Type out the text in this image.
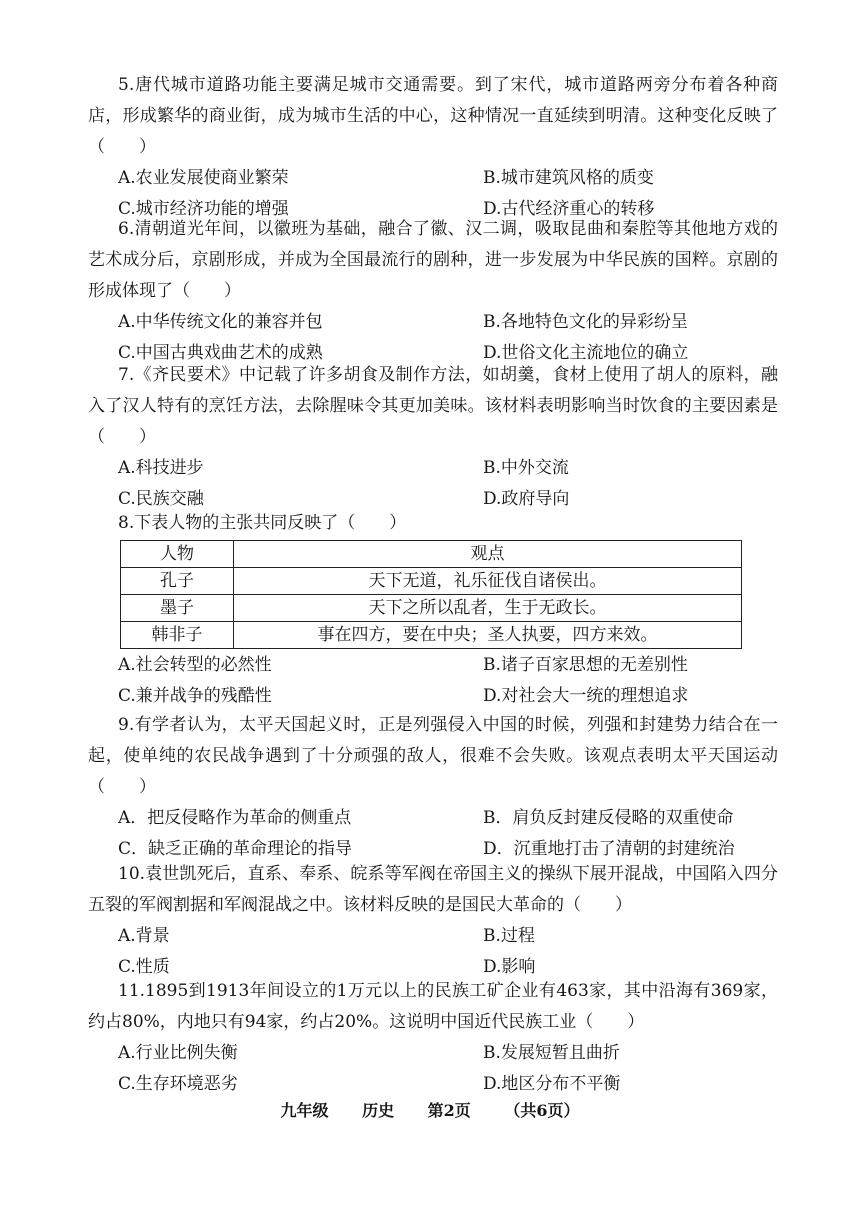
5.唐代城市道路功能主要满足城市交通需要。到了宋代，城市道路两旁分布着各种商店，形成繁华的商业街，成为城市生活的中心，这种情况一直延续到明清。这种变化反映了（　　）
A.农业发展使商业繁荣	B.城市建筑风格的质变
C.城市经济功能的增强	D.古代经济重心的转移
6.清朝道光年间，以徽班为基础，融合了徽、汉二调，吸取昆曲和秦腔等其他地方戏的艺术成分后，京剧形成，并成为全国最流行的剧种，进一步发展为中华民族的国粹。京剧的形成体现了（　　）
A.中华传统文化的兼容并包	B.各地特色文化的异彩纷呈
C.中国古典戏曲艺术的成熟	D.世俗文化主流地位的确立
7.《齐民要术》中记载了许多胡食及制作方法，如胡羹，食材上使用了胡人的原料，融入了汉人特有的烹饪方法，去除腥味令其更加美味。该材料表明影响当时饮食的主要因素是（　　）
A.科技进步	B.中外交流
C.民族交融	D.政府导向
8.下表人物的主张共同反映了（　　）
人物	观点
孔子	天下无道，礼乐征伐自诸侯出。
墨子	天下之所以乱者，生于无政长。
韩非子	事在四方，要在中央；圣人执要，四方来效。
A.社会转型的必然性	B.诸子百家思想的无差别性
C.兼并战争的残酷性	D.对社会大一统的理想追求
9.有学者认为，太平天国起义时，正是列强侵入中国的时候，列强和封建势力结合在一起，使单纯的农民战争遇到了十分顽强的敌人，很难不会失败。该观点表明太平天国运动（　　）
A．把反侵略作为革命的侧重点	B．肩负反封建反侵略的双重使命
C．缺乏正确的革命理论的指导	D．沉重地打击了清朝的封建统治
10.袁世凯死后，直系、奉系、皖系等军阀在帝国主义的操纵下展开混战，中国陷入四分五裂的军阀割据和军阀混战之中。该材料反映的是国民大革命的（　　）
A.背景	B.过程
C.性质	D.影响
11.1895到1913年间设立的1万元以上的民族工矿企业有463家，其中沿海有369家，约占80%，内地只有94家，约占20%。这说明中国近代民族工业（　　）
A.行业比例失衡	B.发展短暂且曲折
C.生存环境恶劣	D.地区分布不平衡
九年级 历史 第2页 （共6页）
